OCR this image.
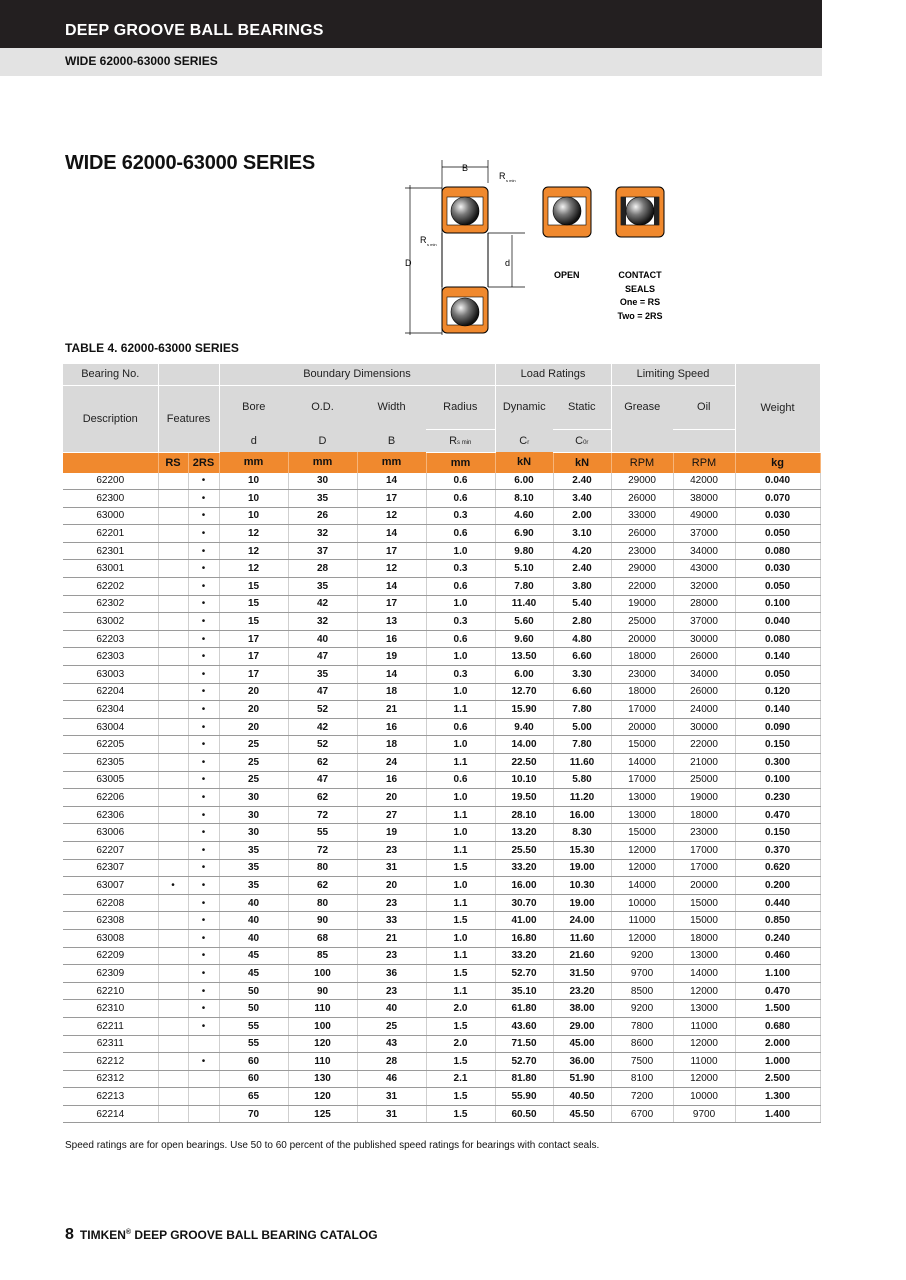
DEEP GROOVE BALL BEARINGS
WIDE 62000-63000 SERIES
WIDE 62000-63000 SERIES	B
D	d
R s min
R s min
OPEN	CONTACT
SEALS
One = RS
Two = 2RS
TABLE 4. 62000-63000 SERIES
Bearing No.			Boundary Dimensions				Load Ratings		Limiting Speed		Weight
Description	Features		Bore	O.D.	Width	Radius	Dynamic	Static	Grease	Oil	
			d	D	B	Rs min	Cr	C0r			
	RS	2RS	mm	mm	mm	mm	kN	kN	RPM	RPM	kg
62200		•	10	30	14	0.6	6.00	2.40	29000	42000	0.040
62300		•	10	35	17	0.6	8.10	3.40	26000	38000	0.070
63000		•	10	26	12	0.3	4.60	2.00	33000	49000	0.030
62201		•	12	32	14	0.6	6.90	3.10	26000	37000	0.050
62301		•	12	37	17	1.0	9.80	4.20	23000	34000	0.080
63001		•	12	28	12	0.3	5.10	2.40	29000	43000	0.030
62202		•	15	35	14	0.6	7.80	3.80	22000	32000	0.050
62302		•	15	42	17	1.0	11.40	5.40	19000	28000	0.100
63002		•	15	32	13	0.3	5.60	2.80	25000	37000	0.040
62203		•	17	40	16	0.6	9.60	4.80	20000	30000	0.080
62303		•	17	47	19	1.0	13.50	6.60	18000	26000	0.140
63003		•	17	35	14	0.3	6.00	3.30	23000	34000	0.050
62204		•	20	47	18	1.0	12.70	6.60	18000	26000	0.120
62304		•	20	52	21	1.1	15.90	7.80	17000	24000	0.140
63004		•	20	42	16	0.6	9.40	5.00	20000	30000	0.090
62205		•	25	52	18	1.0	14.00	7.80	15000	22000	0.150
62305		•	25	62	24	1.1	22.50	11.60	14000	21000	0.300
63005		•	25	47	16	0.6	10.10	5.80	17000	25000	0.100
62206		•	30	62	20	1.0	19.50	11.20	13000	19000	0.230
62306		•	30	72	27	1.1	28.10	16.00	13000	18000	0.470
63006		•	30	55	19	1.0	13.20	8.30	15000	23000	0.150
62207		•	35	72	23	1.1	25.50	15.30	12000	17000	0.370
62307		•	35	80	31	1.5	33.20	19.00	12000	17000	0.620
63007	•	•	35	62	20	1.0	16.00	10.30	14000	20000	0.200
62208		•	40	80	23	1.1	30.70	19.00	10000	15000	0.440
62308		•	40	90	33	1.5	41.00	24.00	11000	15000	0.850
63008		•	40	68	21	1.0	16.80	11.60	12000	18000	0.240
62209		•	45	85	23	1.1	33.20	21.60	9200	13000	0.460
62309		•	45	100	36	1.5	52.70	31.50	9700	14000	1.100
62210		•	50	90	23	1.1	35.10	23.20	8500	12000	0.470
62310		•	50	110	40	2.0	61.80	38.00	9200	13000	1.500
62211		•	55	100	25	1.5	43.60	29.00	7800	11000	0.680
62311			55	120	43	2.0	71.50	45.00	8600	12000	2.000
62212		•	60	110	28	1.5	52.70	36.00	7500	11000	1.000
62312			60	130	46	2.1	81.80	51.90	8100	12000	2.500
62213			65	120	31	1.5	55.90	40.50	7200	10000	1.300
62214			70	125	31	1.5	60.50	45.50	6700	9700	1.400
Speed ratings are for open bearings. Use 50 to 60 percent of the published speed ratings for bearings with contact seals.
8 TIMKEN® DEEP GROOVE BALL BEARING CATALOG
